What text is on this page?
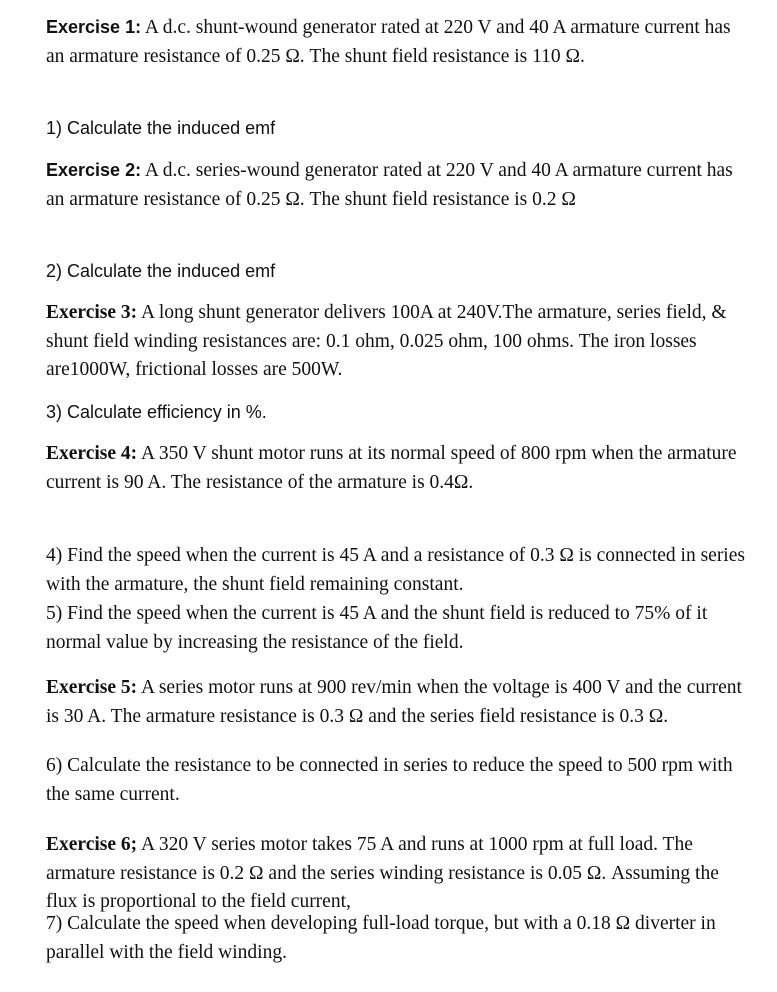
Exercise 1: A d.c. shunt-wound generator rated at 220 V and 40 A armature current has an armature resistance of 0.25 Ω. The shunt field resistance is 110 Ω.
1) Calculate the induced emf
Exercise 2: A d.c. series-wound generator rated at 220 V and 40 A armature current has an armature resistance of 0.25 Ω. The shunt field resistance is 0.2 Ω
2) Calculate the induced emf
Exercise 3: A long shunt generator delivers 100A at 240V.The armature, series field, & shunt field winding resistances are: 0.1 ohm, 0.025 ohm, 100 ohms. The iron losses are1000W, frictional losses are 500W.
3) Calculate efficiency in %.
Exercise 4: A 350 V shunt motor runs at its normal speed of 800 rpm when the armature current is 90 A. The resistance of the armature is 0.4Ω.
4) Find the speed when the current is 45 A and a resistance of 0.3 Ω is connected in series with the armature, the shunt field remaining constant.
5) Find the speed when the current is 45 A and the shunt field is reduced to 75% of it normal value by increasing the resistance of the field.
Exercise 5: A series motor runs at 900 rev/min when the voltage is 400 V and the current is 30 A. The armature resistance is 0.3 Ω and the series field resistance is 0.3 Ω.
6) Calculate the resistance to be connected in series to reduce the speed to 500 rpm with the same current.
Exercise 6; A 320 V series motor takes 75 A and runs at 1000 rpm at full load. The armature resistance is 0.2 Ω and the series winding resistance is 0.05 Ω. Assuming the flux is proportional to the field current,
7) Calculate the speed when developing full-load torque, but with a 0.18 Ω diverter in parallel with the field winding.
